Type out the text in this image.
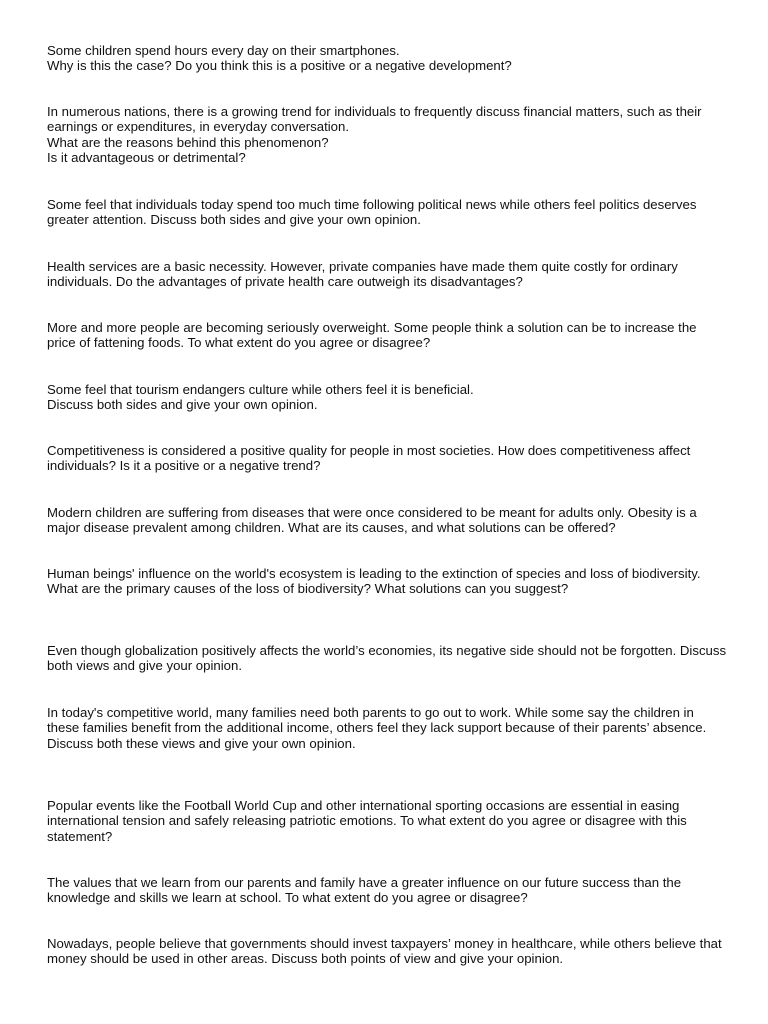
Some children spend hours every day on their smartphones.
Why is this the case? Do you think this is a positive or a negative development?
In numerous nations, there is a growing trend for individuals to frequently discuss financial matters, such as their earnings or expenditures, in everyday conversation.
What are the reasons behind this phenomenon?
Is it advantageous or detrimental?
Some feel that individuals today spend too much time following political news while others feel politics deserves greater attention. Discuss both sides and give your own opinion.
Health services are a basic necessity. However, private companies have made them quite costly for ordinary individuals. Do the advantages of private health care outweigh its disadvantages?
More and more people are becoming seriously overweight. Some people think a solution can be to increase the price of fattening foods. To what extent do you agree or disagree?
Some feel that tourism endangers culture while others feel it is beneficial.
Discuss both sides and give your own opinion.
Competitiveness is considered a positive quality for people in most societies. How does competitiveness affect individuals? Is it a positive or a negative trend?
Modern children are suffering from diseases that were once considered to be meant for adults only. Obesity is a major disease prevalent among children. What are its causes, and what solutions can be offered?
Human beings' influence on the world's ecosystem is leading to the extinction of species and loss of biodiversity.
What are the primary causes of the loss of biodiversity? What solutions can you suggest?
Even though globalization positively affects the world’s economies, its negative side should not be forgotten. Discuss both views and give your opinion.
In today's competitive world, many families need both parents to go out to work. While some say the children in these families benefit from the additional income, others feel they lack support because of their parents’ absence.
Discuss both these views and give your own opinion.
Popular events like the Football World Cup and other international sporting occasions are essential in easing international tension and safely releasing patriotic emotions. To what extent do you agree or disagree with this statement?
The values that we learn from our parents and family have a greater influence on our future success than the knowledge and skills we learn at school. To what extent do you agree or disagree?
Nowadays, people believe that governments should invest taxpayers’ money in healthcare, while others believe that money should be used in other areas. Discuss both points of view and give your opinion.
